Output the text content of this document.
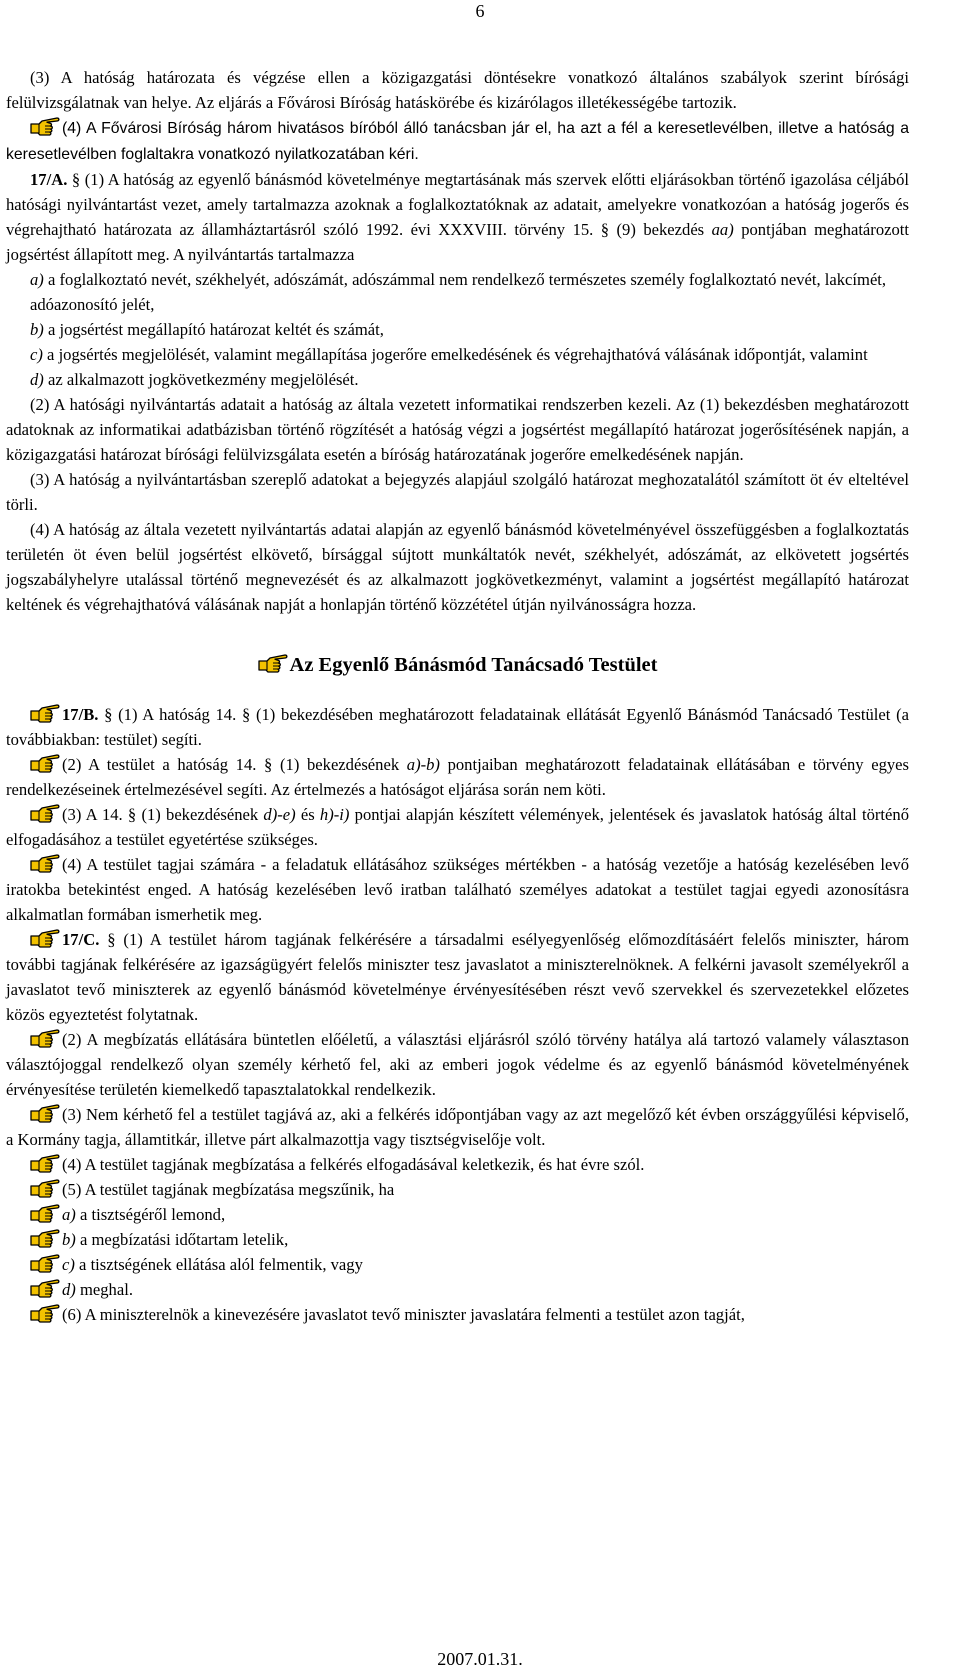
6

(3) A hatóság határozata és végzése ellen a közigazgatási döntésekre vonatkozó általános szabályok szerint bírósági felülvizsgálatnak van helye. Az eljárás a Fővárosi Bíróság hatáskörébe és kizárólagos illetékességébe tartozik.

(4) A Fővárosi Bíróság három hivatásos bíróból álló tanácsban jár el, ha azt a fél a keresetlevélben, illetve a hatóság a keresetlevélben foglaltakra vonatkozó nyilatkozatában kéri.

17/A. § (1) A hatóság az egyenlő bánásmód követelménye megtartásának más szervek előtti eljárásokban történő igazolása céljából hatósági nyilvántartást vezet, amely tartalmazza azoknak a foglalkoztatóknak az adatait, amelyekre vonatkozóan a hatóság jogerős és végrehajtható határozata az államháztartásról szóló 1992. évi XXXVIII. törvény 15. § (9) bekezdés aa) pontjában meghatározott jogsértést állapított meg. A nyilvántartás tartalmazza

a) a foglalkoztató nevét, székhelyét, adószámát, adószámmal nem rendelkező természetes személy foglalkoztató nevét, lakcímét, adóazonosító jelét,

b) a jogsértést megállapító határozat keltét és számát,

c) a jogsértés megjelölését, valamint megállapítása jogerőre emelkedésének és végrehajthatóvá válásának időpontját, valamint

d) az alkalmazott jogkövetkezmény megjelölését.

(2) A hatósági nyilvántartás adatait a hatóság az általa vezetett informatikai rendszerben kezeli. Az (1) bekezdésben meghatározott adatoknak az informatikai adatbázisban történő rögzítését a hatóság végzi a jogsértést megállapító határozat jogerősítésének napján, a közigazgatási határozat bírósági felülvizsgálata esetén a bíróság határozatának jogerőre emelkedésének napján.

(3) A hatóság a nyilvántartásban szereplő adatokat a bejegyzés alapjául szolgáló határozat meghozatalától számított öt év elteltével törli.

(4) A hatóság az általa vezetett nyilvántartás adatai alapján az egyenlő bánásmód követelményével összefüggésben a foglalkoztatás területén öt éven belül jogsértést elkövető, bírsággal sújtott munkáltatók nevét, székhelyét, adószámát, az elkövetett jogsértés jogszabályhelyre utalással történő megnevezését és az alkalmazott jogkövetkezményt, valamint a jogsértést megállapító határozat keltének és végrehajthatóvá válásának napját a honlapján történő közzététel útján nyilvánosságra hozza.

Az Egyenlő Bánásmód Tanácsadó Testület

17/B. § (1) A hatóság 14. § (1) bekezdésében meghatározott feladatainak ellátását Egyenlő Bánásmód Tanácsadó Testület (a továbbiakban: testület) segíti.

(2) A testület a hatóság 14. § (1) bekezdésének a)-b) pontjaiban meghatározott feladatainak ellátásában e törvény egyes rendelkezéseinek értelmezésével segíti. Az értelmezés a hatóságot eljárása során nem köti.

(3) A 14. § (1) bekezdésének d)-e) és h)-i) pontjai alapján készített vélemények, jelentések és javaslatok hatóság által történő elfogadásához a testület egyetértése szükséges.

(4) A testület tagjai számára - a feladatuk ellátásához szükséges mértékben - a hatóság vezetője a hatóság kezelésében levő iratokba betekintést enged. A hatóság kezelésében levő iratban található személyes adatokat a testület tagjai egyedi azonosításra alkalmatlan formában ismerhetik meg.

17/C. § (1) A testület három tagjának felkérésére a társadalmi esélyegyenlőség előmozdításáért felelős miniszter, három további tagjának felkérésére az igazságügyért felelős miniszter tesz javaslatot a miniszterelnöknek. A felkérni javasolt személyekről a javaslatot tevő miniszterek az egyenlő bánásmód követelménye érvényesítésében részt vevő szervekkel és szervezetekkel előzetes közös egyeztetést folytatnak.

(2) A megbízatás ellátására büntetlen előéletű, a választási eljárásról szóló törvény hatálya alá tartozó valamely választason választójoggal rendelkező olyan személy kérhető fel, aki az emberi jogok védelme és az egyenlő bánásmód követelményének érvényesítése területén kiemelkedő tapasztalatokkal rendelkezik.

(3) Nem kérhető fel a testület tagjává az, aki a felkérés időpontjában vagy az azt megelőző két évben országgyűlési képviselő, a Kormány tagja, államtitkár, illetve párt alkalmazottja vagy tisztségviselője volt.

(4) A testület tagjának megbízatása a felkérés elfogadásával keletkezik, és hat évre szól.

(5) A testület tagjának megbízatása megszűnik, ha

a) a tisztségéről lemond,

b) a megbízatási időtartam letelik,

c) a tisztségének ellátása alól felmentik, vagy

d) meghal.

(6) A miniszterelnök a kinevezésére javaslatot tevő miniszter javaslatára felmenti a testület azon tagját,

2007.01.31.
